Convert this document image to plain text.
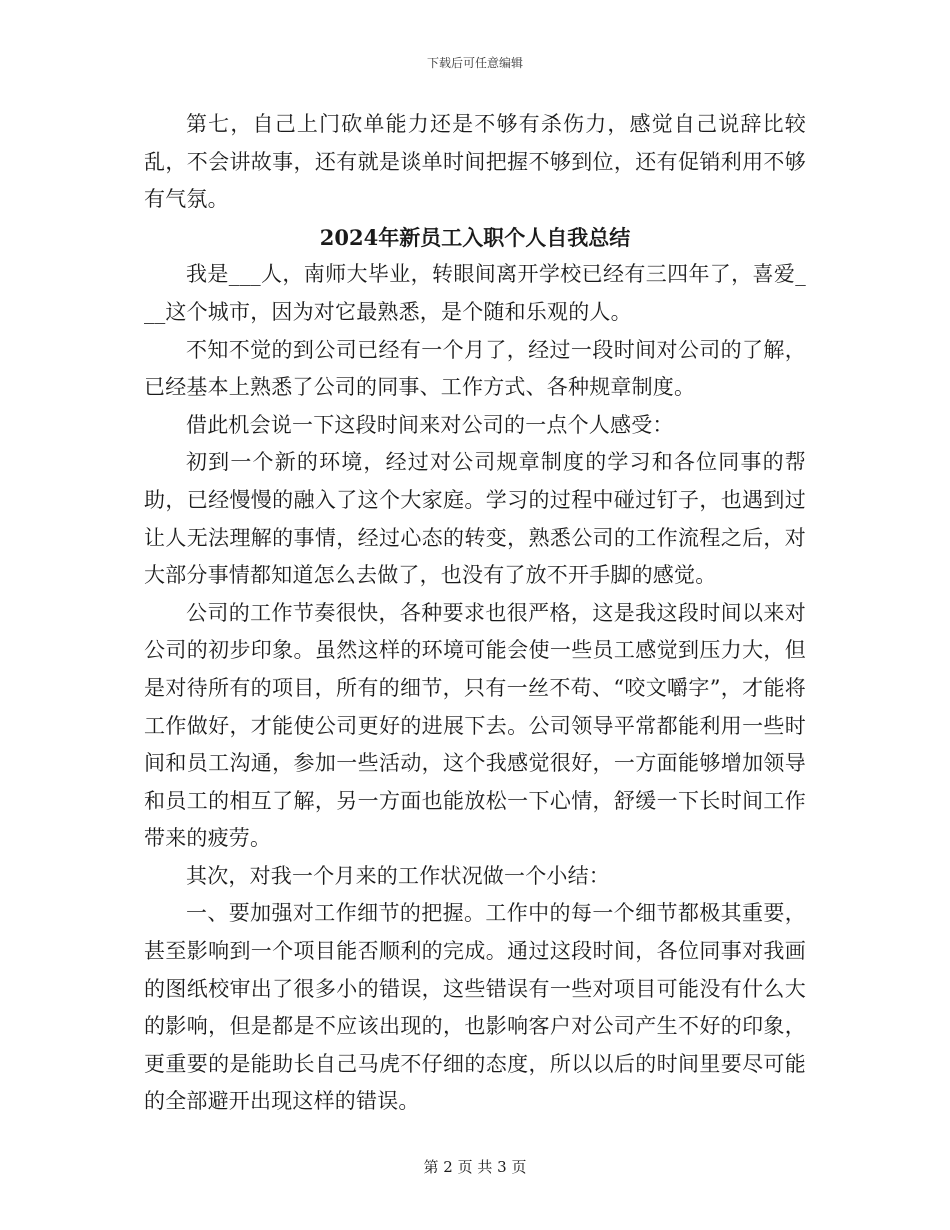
下载后可任意编辑

第七，自己上门砍单能力还是不够有杀伤力，感觉自己说辞比较乱，不会讲故事，还有就是谈单时间把握不够到位，还有促销利用不够有气氛。

2024年新员工入职个人自我总结

我是___人，南师大毕业，转眼间离开学校已经有三四年了，喜爱___这个城市，因为对它最熟悉，是个随和乐观的人。

不知不觉的到公司已经有一个月了，经过一段时间对公司的了解，已经基本上熟悉了公司的同事、工作方式、各种规章制度。

借此机会说一下这段时间来对公司的一点个人感受：

初到一个新的环境，经过对公司规章制度的学习和各位同事的帮助，已经慢慢的融入了这个大家庭。学习的过程中碰过钉子，也遇到过让人无法理解的事情，经过心态的转变，熟悉公司的工作流程之后，对大部分事情都知道怎么去做了，也没有了放不开手脚的感觉。

公司的工作节奏很快，各种要求也很严格，这是我这段时间以来对公司的初步印象。虽然这样的环境可能会使一些员工感觉到压力大，但是对待所有的项目，所有的细节，只有一丝不苟、“咬文嚼字”，才能将工作做好，才能使公司更好的进展下去。公司领导平常都能利用一些时间和员工沟通，参加一些活动，这个我感觉很好，一方面能够增加领导和员工的相互了解，另一方面也能放松一下心情，舒缓一下长时间工作带来的疲劳。

其次，对我一个月来的工作状况做一个小结：

一、要加强对工作细节的把握。工作中的每一个细节都极其重要，甚至影响到一个项目能否顺利的完成。通过这段时间，各位同事对我画的图纸校审出了很多小的错误，这些错误有一些对项目可能没有什么大的影响，但是都是不应该出现的，也影响客户对公司产生不好的印象，更重要的是能助长自己马虎不仔细的态度，所以以后的时间里要尽可能的全部避开出现这样的错误。

第 2 页 共 3 页
